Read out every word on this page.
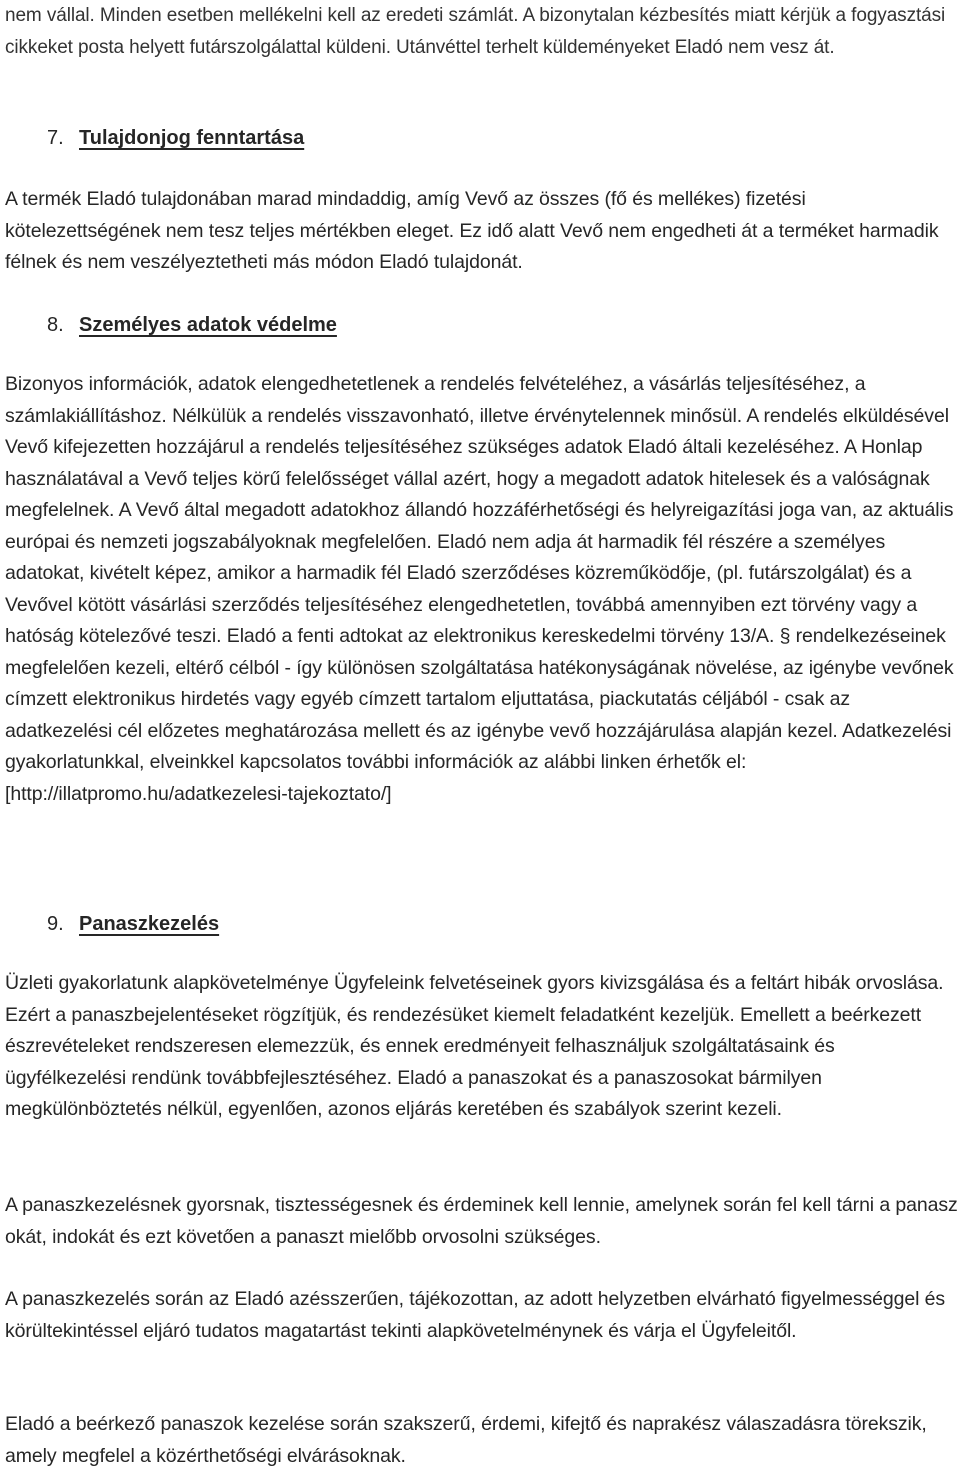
nem vállal. Minden esetben mellékelni kell az eredeti számlát. A bizonytalan kézbesítés miatt kérjük a fogyasztási cikkeket posta helyett futárszolgálattal küldeni. Utánvéttel terhelt küldeményeket Eladó nem vesz át.

7. Tulajdonjog fenntartása

A termék Eladó tulajdonában marad mindaddig, amíg Vevő az összes (fő és mellékes) fizetési kötelezettségének nem tesz teljes mértékben eleget. Ez idő alatt Vevő nem engedheti át a terméket harmadik félnek és nem veszélyeztetheti más módon Eladó tulajdonát.

8. Személyes adatok védelme

Bizonyos információk, adatok elengedhetetlenek a rendelés felvételéhez, a vásárlás teljesítéséhez, a számlakiállításhoz. Nélkülük a rendelés visszavonható, illetve érvénytelennek minősül. A rendelés elküldésével Vevő kifejezetten hozzájárul a rendelés teljesítéséhez szükséges adatok Eladó általi kezeléséhez. A Honlap használatával a Vevő teljes körű felelősséget vállal azért, hogy a megadott adatok hitelesek és a valóságnak megfelelnek. A Vevő által megadott adatokhoz állandó hozzáférhetőségi és helyreigazítási joga van, az aktuális európai és nemzeti jogszabályoknak megfelelően. Eladó nem adja át harmadik fél részére a személyes adatokat, kivételt képez, amikor a harmadik fél Eladó szerződéses közreműködője, (pl. futárszolgálat) és a Vevővel kötött vásárlási szerződés teljesítéséhez elengedhetetlen, továbbá amennyiben ezt törvény vagy a hatóság kötelezővé teszi. Eladó a fenti adtokat az elektronikus kereskedelmi törvény 13/A. § rendelkezéseinek megfelelően kezeli, eltérő célból - így különösen szolgáltatása hatékonyságának növelése, az igénybe vevőnek címzett elektronikus hirdetés vagy egyéb címzett tartalom eljuttatása, piackutatás céljából - csak az adatkezelési cél előzetes meghatározása mellett és az igénybe vevő hozzájárulása alapján kezel. Adatkezelési gyakorlatunkkal, elveinkkel kapcsolatos további információk az alábbi linken érhetők el: [http://illatpromo.hu/adatkezelesi-tajekoztato/]

9. Panaszkezelés

Üzleti gyakorlatunk alapkövetelménye Ügyfeleink felvetéseinek gyors kivizsgálása és a feltárt hibák orvoslása. Ezért a panaszbejelentéseket rögzítjük, és rendezésüket kiemelt feladatként kezeljük. Emellett a beérkezett észrevételeket rendszeresen elemezzük, és ennek eredményeit felhasználjuk szolgáltatásaink és ügyfélkezelési rendünk továbbfejlesztéséhez. Eladó a panaszokat és a panaszosokat bármilyen megkülönböztetés nélkül, egyenlően, azonos eljárás keretében és szabályok szerint kezeli.

A panaszkezelésnek gyorsnak, tisztességesnek és érdeminek kell lennie, amelynek során fel kell tárni a panasz okát, indokát és ezt követően a panaszt mielőbb orvosolni szükséges.

A panaszkezelés során az Eladó azésszerűen, tájékozottan, az adott helyzetben elvárható figyelmességgel és körültekintéssel eljáró tudatos magatartást tekinti alapkövetelménynek és várja el Ügyfeleitől.

Eladó a beérkező panaszok kezelése során szakszerű, érdemi, kifejtő és naprakész válaszadásra törekszik, amely megfelel a közérthetőségi elvárásoknak.
